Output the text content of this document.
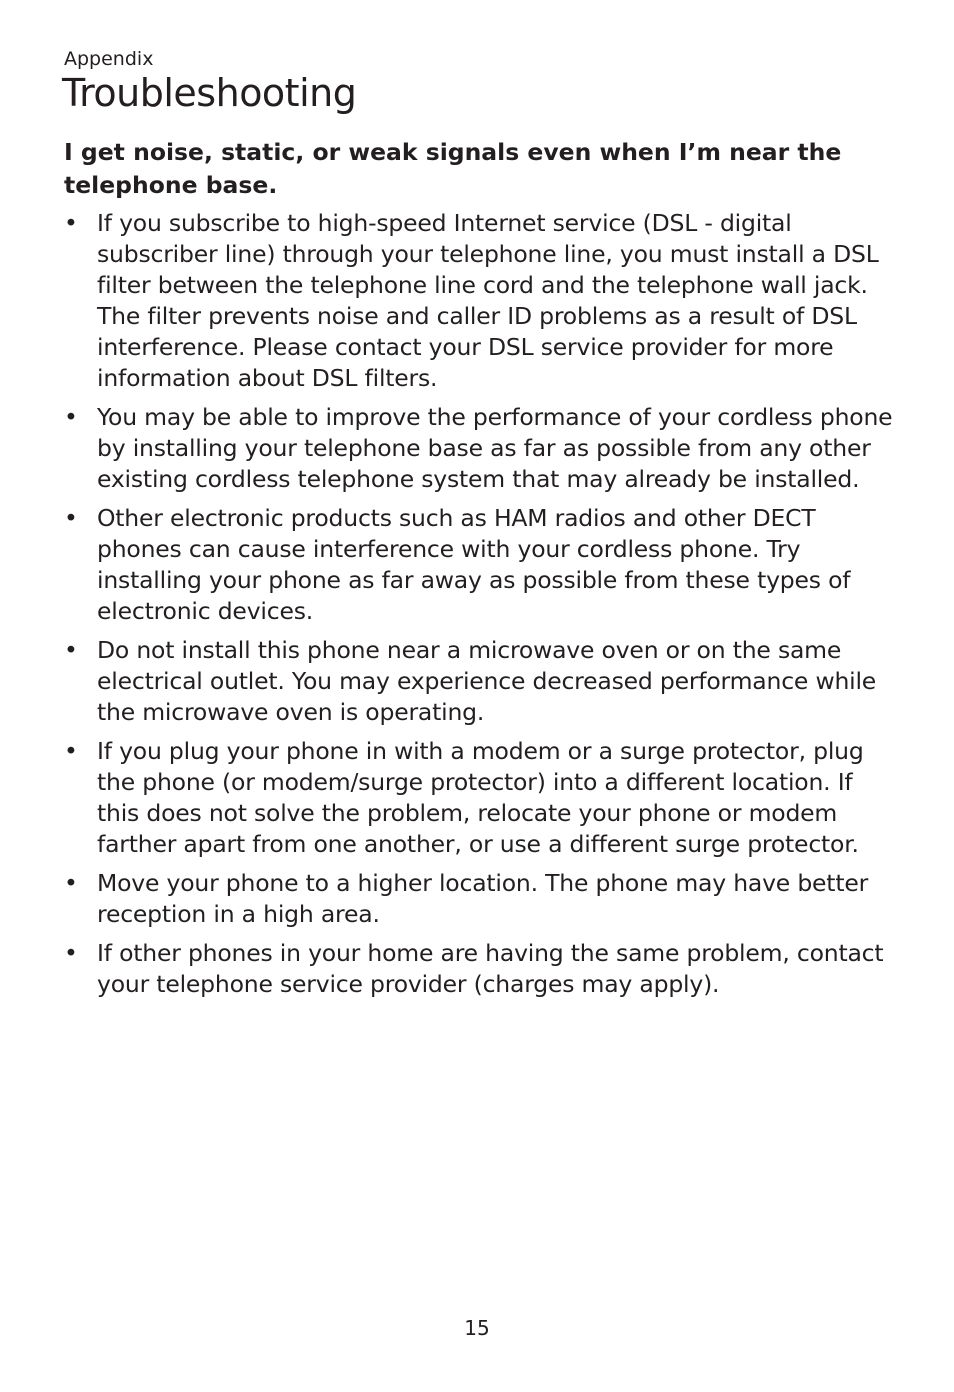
Appendix
Troubleshooting

I get noise, static, or weak signals even when I’m near the telephone base.

• If you subscribe to high-speed Internet service (DSL - digital subscriber line) through your telephone line, you must install a DSL filter between the telephone line cord and the telephone wall jack. The filter prevents noise and caller ID problems as a result of DSL interference. Please contact your DSL service provider for more information about DSL filters.
• You may be able to improve the performance of your cordless phone by installing your telephone base as far as possible from any other existing cordless telephone system that may already be installed.
• Other electronic products such as HAM radios and other DECT phones can cause interference with your cordless phone. Try installing your phone as far away as possible from these types of electronic devices.
• Do not install this phone near a microwave oven or on the same electrical outlet. You may experience decreased performance while the microwave oven is operating.
• If you plug your phone in with a modem or a surge protector, plug the phone (or modem/surge protector) into a different location. If this does not solve the problem, relocate your phone or modem farther apart from one another, or use a different surge protector.
• Move your phone to a higher location. The phone may have better reception in a high area.
• If other phones in your home are having the same problem, contact your telephone service provider (charges may apply).
15
